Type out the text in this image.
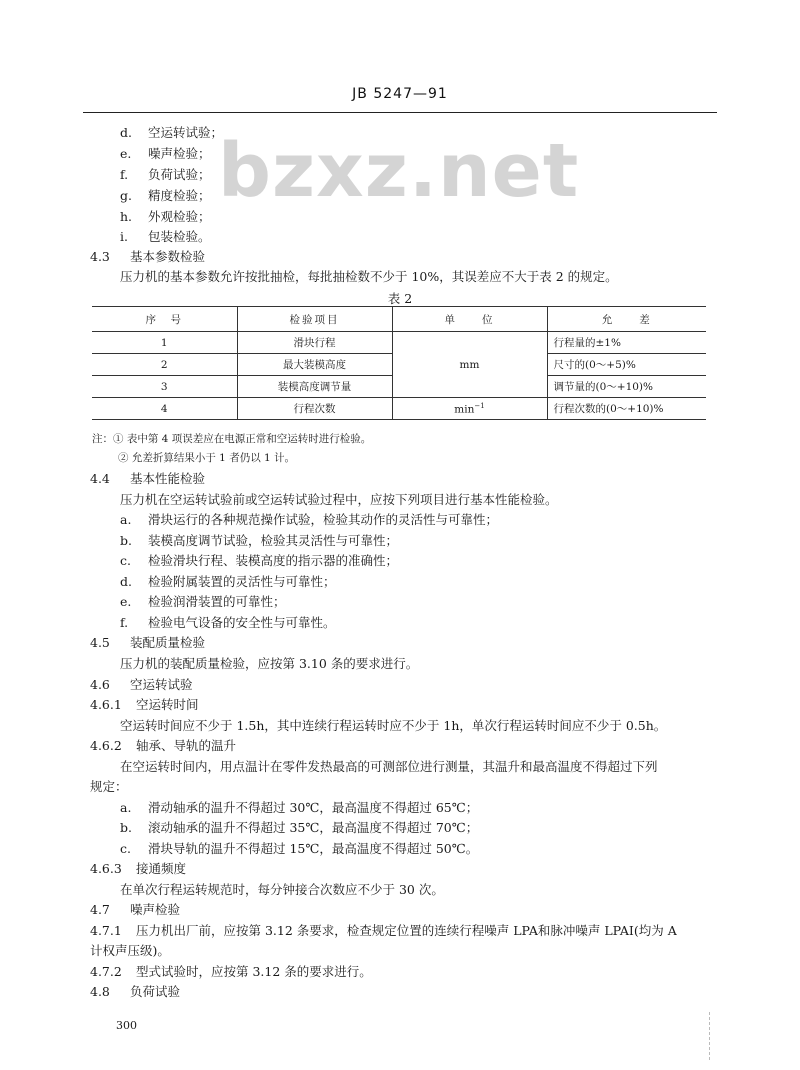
JB 5247—91
bzxz.net
d. 空运转试验；
e. 噪声检验；
f. 负荷试验；
g. 精度检验；
h. 外观检验；
i. 包装检验。
4.3 基本参数检验
压力机的基本参数允许按批抽检，每批抽检数不少于 10%，其误差应不大于表 2 的规定。
表 2
序　号	检验项目	单　　位	允　　差
1	滑块行程	mm	行程量的±1%
2	最大装模高度		尺寸的(0～+5)%
3	装模高度调节量		调节量的(0～+10)%
4	行程次数	$\min^{-1}$	行程次数的(0～+10)%
注：① 表中第 4 项误差应在电源正常和空运转时进行检验。
② 允差折算结果小于 1 者仍以 1 计。
4.4 基本性能检验
压力机在空运转试验前或空运转试验过程中，应按下列项目进行基本性能检验。
a. 滑块运行的各种规范操作试验，检验其动作的灵活性与可靠性；
b. 装模高度调节试验，检验其灵活性与可靠性；
c. 检验滑块行程、装模高度的指示器的准确性；
d. 检验附属装置的灵活性与可靠性；
e. 检验润滑装置的可靠性；
f. 检验电气设备的安全性与可靠性。
4.5 装配质量检验
压力机的装配质量检验，应按第 3.10 条的要求进行。
4.6 空运转试验
4.6.1 空运转时间
空运转时间应不少于 1.5h，其中连续行程运转时应不少于 1h，单次行程运转时间应不少于 0.5h。
4.6.2 轴承、导轨的温升
在空运转时间内，用点温计在零件发热最高的可测部位进行测量，其温升和最高温度不得超过下列
规定：
a. 滑动轴承的温升不得超过 30℃，最高温度不得超过 65℃；
b. 滚动轴承的温升不得超过 35℃，最高温度不得超过 70℃；
c. 滑块导轨的温升不得超过 15℃，最高温度不得超过 50℃。
4.6.3 接通频度
在单次行程运转规范时，每分钟接合次数应不少于 30 次。
4.7 噪声检验
4.7.1 压力机出厂前，应按第 3.12 条要求，检查规定位置的连续行程噪声 LPA和脉冲噪声 LPAI(均为 A
计权声压级)。
4.7.2 型式试验时，应按第 3.12 条的要求进行。
4.8 负荷试验
300
